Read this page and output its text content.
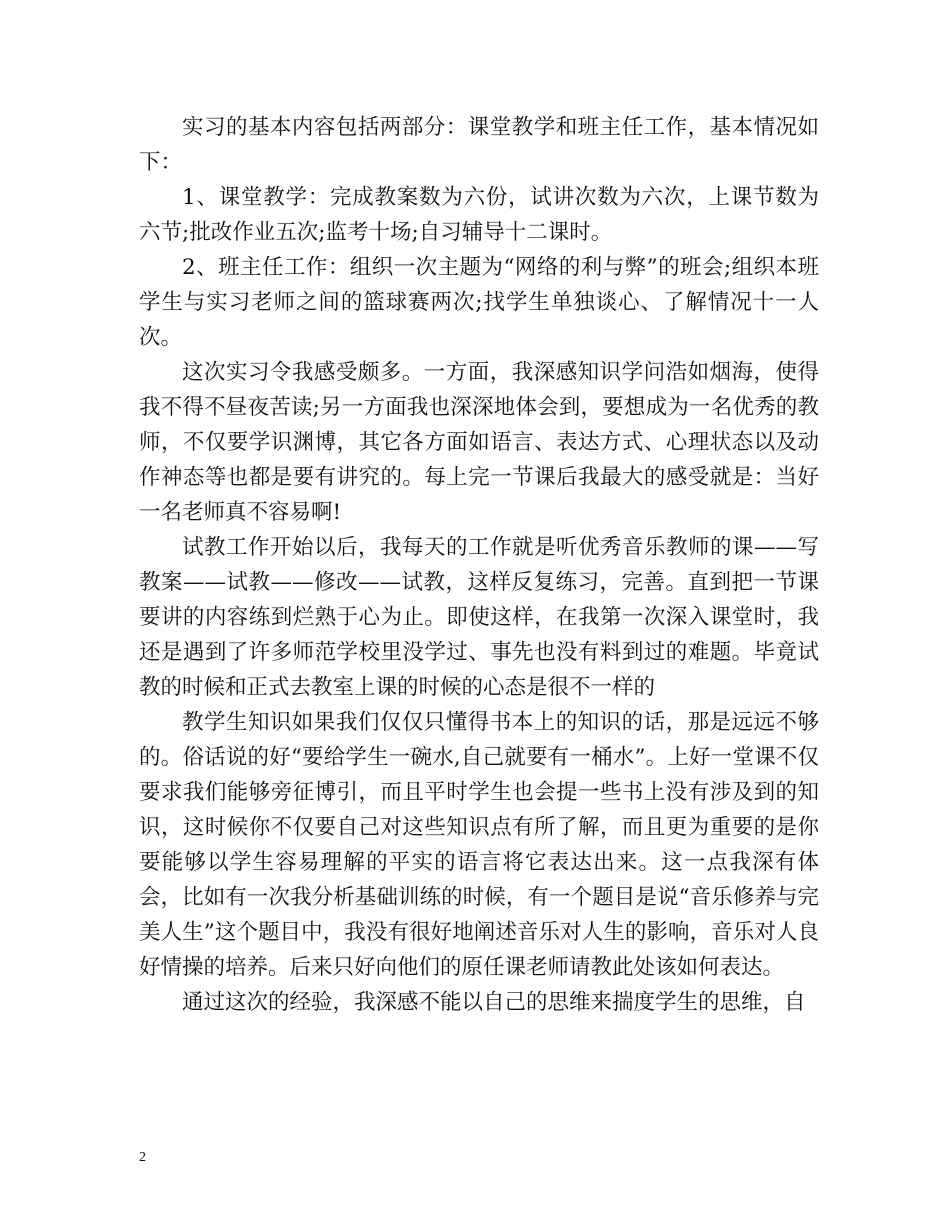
实习的基本内容包括两部分：课堂教学和班主任工作，基本情况如下：

1、课堂教学：完成教案数为六份，试讲次数为六次，上课节数为六节;批改作业五次;监考十场;自习辅导十二课时。

2、班主任工作：组织一次主题为“网络的利与弊”的班会;组织本班学生与实习老师之间的篮球赛两次;找学生单独谈心、了解情况十一人次。

这次实习令我感受颇多。一方面，我深感知识学问浩如烟海，使得我不得不昼夜苦读;另一方面我也深深地体会到，要想成为一名优秀的教师，不仅要学识渊博，其它各方面如语言、表达方式、心理状态以及动作神态等也都是要有讲究的。每上完一节课后我最大的感受就是：当好一名老师真不容易啊!

试教工作开始以后，我每天的工作就是听优秀音乐教师的课——写教案——试教——修改——试教，这样反复练习，完善。直到把一节课要讲的内容练到烂熟于心为止。即使这样，在我第一次深入课堂时，我还是遇到了许多师范学校里没学过、事先也没有料到过的难题。毕竟试教的时候和正式去教室上课的时候的心态是很不一样的

教学生知识如果我们仅仅只懂得书本上的知识的话，那是远远不够的。俗话说的好“要给学生一碗水,自己就要有一桶水”。上好一堂课不仅要求我们能够旁征博引，而且平时学生也会提一些书上没有涉及到的知识，这时候你不仅要自己对这些知识点有所了解，而且更为重要的是你要能够以学生容易理解的平实的语言将它表达出来。这一点我深有体会，比如有一次我分析基础训练的时候，有一个题目是说“音乐修养与完美人生”这个题目中，我没有很好地阐述音乐对人生的影响，音乐对人良好情操的培养。后来只好向他们的原任课老师请教此处该如何表达。

通过这次的经验，我深感不能以自己的思维来揣度学生的思维，自

2
